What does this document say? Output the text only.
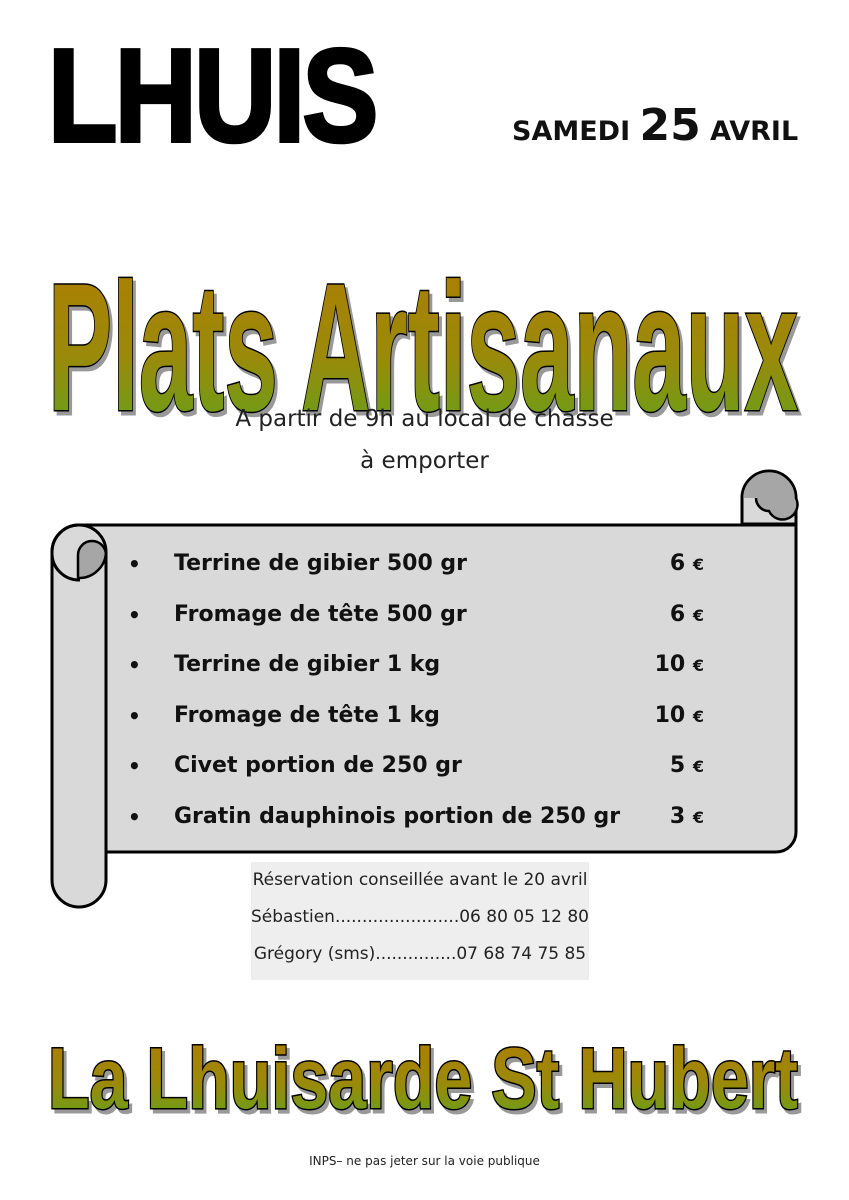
LHUIS	SAMEDI 25 AVRIL
Plats Artisanaux
A partir de 9h au local de chasse
à emporter
• Terrine de gibier 500 gr	6 €
• Fromage de tête 500 gr	6 €
• Terrine de gibier 1 kg	10 €
• Fromage de tête 1 kg	10 €
• Civet portion de 250 gr	5 €
• Gratin dauphinois portion de 250 gr 3 €
Réservation conseillée avant le 20 avril
Sébastien.......................06 80 05 12 80
Grégory (sms)...............07 68 74 75 85
La Lhuisarde St Hubert
INPS– ne pas jeter sur la voie publique
